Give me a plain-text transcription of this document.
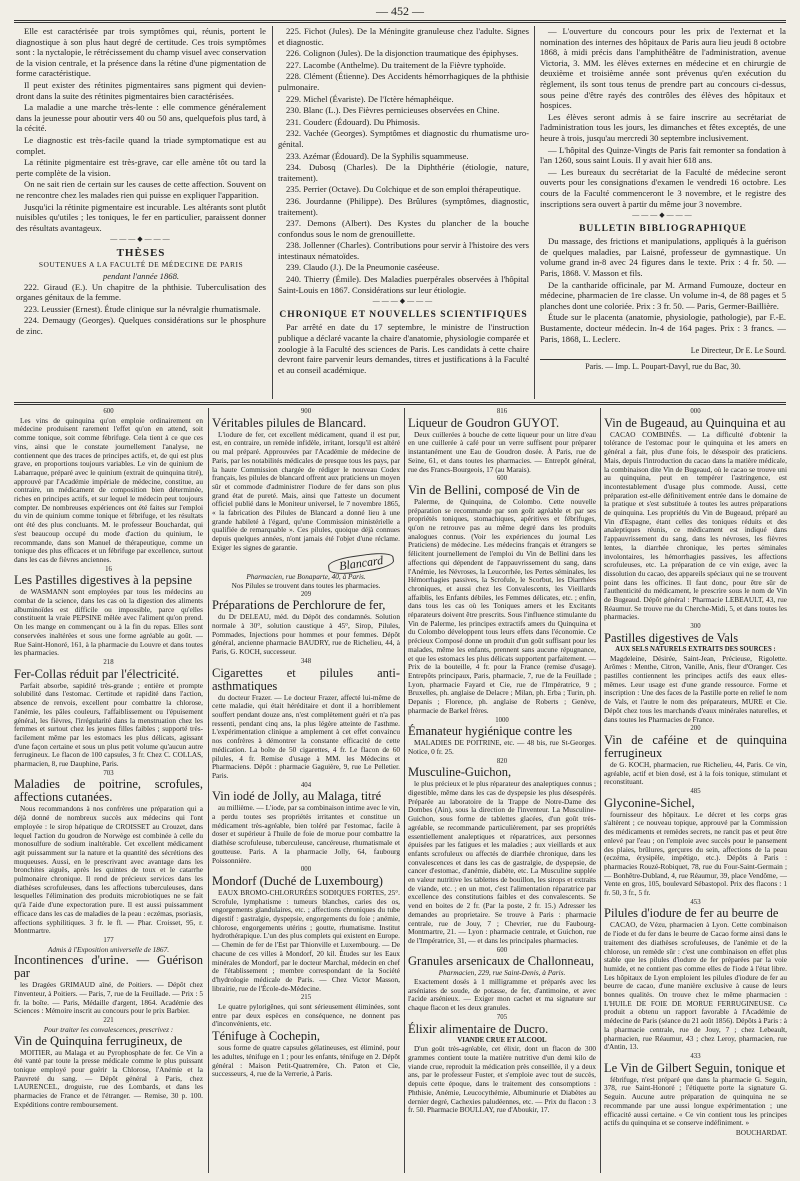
— 452 —

Elle est caractérisée par trois symptômes qui, réunis, portent le diagnostique à son plus haut degré de certitude. Ces trois symptômes sont : la nyctalopie, le rétrécissement du champ visuel avec conservation de la vision centrale, et la présence dans la rétine d'une pigmentation de forme caractéristique.

Il peut exister des rétinites pigmentaires sans pigment qui devien-dront dans la suite des rétinites pigmentaires bien caractérisées.

La maladie a une marche très-lente : elle commence généralement dans la jeunesse pour aboutir vers 40 ou 50 ans, quelquefois plus tard, à la cécité.

Le diagnostic est très-facile quand la triade symptomatique est au complet.

La rétinite pigmentaire est très-grave, car elle amène tôt ou tard la perte complète de la vision.

On ne sait rien de certain sur les causes de cette affection. Souvent on ne rencontre chez les malades rien qui puisse en expliquer l'apparition.

Jusqu'ici la rétinite pigmentaire est incurable. Les altérants sont plutôt nuisibles qu'utiles ; les toniques, le fer en particulier, paraissent donner des résultats avantageux.

———◆———
THÈSES
SOUTENUES A LA FACULTÉ DE MÉDECINE DE PARIS
pendant l'année 1868.

222. Giraud (E.). Un chapitre de la phthisie. Tuberculisation des organes génitaux de la femme.

223. Leussier (Ernest). Étude clinique sur la névralgie rhumatismale.

224. Demaugy (Georges). Quelques considérations sur le phosphure de zinc.

225. Fichot (Jules). De la Méningite granuleuse chez l'adulte. Signes et diagnostic.

226. Colignon (Jules). De la disjonction traumatique des épiphyses.

227. Lacombe (Anthelme). Du traitement de la Fièvre typhoïde.

228. Clément (Étienne). Des Accidents hémorrhagiques de la phthisie pulmonaire.

229. Michel (Évariste). De l'Ictère hémaphéique.

230. Blanc (L.). Des Fièvres pernicieuses observées en Chine.

231. Couderc (Édouard). Du Phimosis.

232. Vachée (Georges). Symptômes et diagnostic du rhumatisme uro-génital.

233. Azémar (Édouard). De la Syphilis squammeuse.

234. Dubosq (Charles). De la Diphthérie (étiologie, nature, traitement).

235. Perrier (Octave). Du Colchique et de son emploi thérapeutique.

236. Jourdanne (Philippe). Des Brûlures (symptômes, diagnostic, traitement).

237. Demons (Albert). Des Kystes du plancher de la bouche confondus sous le nom de grenouillette.

238. Jollenner (Charles). Contributions pour servir à l'histoire des vers intestinaux nématoïdes.

239. Claudo (J.). De la Pneumonie caséeuse.

240. Thierry (Émile). Des Maladies puerpérales observées à l'hôpital Saint-Louis en 1867. Considérations sur leur étiologie.

———◆———
CHRONIQUE ET NOUVELLES SCIENTIFIQUES

Par arrêté en date du 17 septembre, le ministre de l'instruction publique a déclaré vacante la chaire d'anatomie, physiologie comparée et zoologie à la Faculté des sciences de Paris. Les candidats à cette chaire devront faire parvenir leurs demandes, titres et justifications à la Faculté et au conseil académique.

— L'ouverture du concours pour les prix de l'externat et la nomination des internes des hôpitaux de Paris aura lieu jeudi 8 octobre 1868, à midi précis dans l'amphithéâtre de l'administration, avenue Victoria, 3. MM. les élèves externes en médecine et en chirurgie de deuxième et troisième année sont prévenus qu'en exécution du règlement, ils sont tous tenus de prendre part au concours ci-dessus, sous peine d'être rayés des contrôles des élèves des hôpitaux et hospices.

Les élèves seront admis à se faire inscrire au secrétariat de l'administration tous les jours, les dimanches et fêtes exceptés, de une heure à trois, jusqu'au mercredi 30 septembre inclusivement.

— L'hôpital des Quinze-Vingts de Paris fait remonter sa fondation à l'an 1260, sous saint Louis. Il y avait hier 618 ans.

— Les bureaux du secrétariat de la Faculté de médecine seront ouverts pour les consignations d'examen le vendredi 16 octobre. Les cours de la Faculté commenceront le 3 novembre, et le registre des inscriptions sera ouvert à partir du même jour 3 novembre.

———◆———
BULLETIN BIBLIOGRAPHIQUE

Du massage, des frictions et manipulations, appliqués à la guérison de quelques maladies, par Laisné, professeur de gymnastique. Un volume grand in-8 avec 24 figures dans le texte. Prix : 4 fr. 50. — Paris, 1868. V. Masson et fils.

De la cantharide officinale, par M. Armand Fumouze, docteur en médecine, pharmacien de 1re classe. Un volume in-4, de 88 pages et 5 planches dont une coloriée. Prix : 3 fr. 50. — Paris, Germer-Baillière.

Étude sur le placenta (anatomie, physiologie, pathologie), par F.-E. Bustamente, docteur médecin. In-4 de 164 pages. Prix : 3 francs. — Paris, 1868, L. Leclerc.

Le Directeur, Dr E. Le Sourd.
Paris. — Imp. L. Poupart-Davyl, rue du Bac, 30.
600

Les vins de quinquina qu'on emploie ordinairement en médecine produisent rarement l'effet qu'on en attend, soit comme tonique, soit comme fébrifuge. Cela tient à ce que ces vins, ainsi que le constate journellement l'analyse, ne contiennent que des traces de principes actifs, et, de qui est plus grave, en proportions toujours variables. Le vin de quinium de Labarraque, préparé avec le quinium (extrait de quinquina titré), approuvé par l'Académie impériale de médecine, constitue, au contraire, un médicament de composition bien déterminée, riches en principes actifs, et sur lequel le médecin peut toujours compter. De nombreuses expériences ont été faites sur l'emploi du vin de quinium comme tonique et fébrifuge, et les résultats ont été des plus concluants. M. le professeur Bouchardat, qui s'est beaucoup occupé du mode d'action du quinium, le recommande, dans son Manuel de thérapeutique, comme un tonique des plus efficaces et un fébrifuge par excellence, surtout dans les cas de fièvres anciennes.

16
Les Pastilles digestives à la pepsine

de WASMANN sont employées par tous les médecins au combat de la science, dans les cas où la digestion des aliments albuminoïdes est difficile ou impossible, parce qu'elles constituent la vraie PEPSINE mêlée avec l'aliment qu'on prend. On les mange en commençant ou à la fin du repas. Elles sont conservées inaltérées et sous une forme agréable au goût. — Rue Saint-Honoré, 161, à la pharmacie du Louvre et dans toutes les pharmacies.

218
Fer-Collas réduit par l'électricité.

Parfait absorbe, sapidité très-grande ; entière et prompte solubilité dans l'estomac. Certitude et rapidité dans l'action, absence de renvois, excellent pour combattre la chlorose, l'anémie, les pâles couleurs, l'affaiblissement ou l'épuisement général, les fièvres, l'irrégularité dans la menstruation chez les femmes et surtout chez les jeunes filles faibles ; supporté très-facilement même par les estomacs les plus délicats, agissant d'une façon certaine et sous un plus petit volume qu'aucun autre ferrugineux. Le flacon de 100 capsules, 3 fr. Chez C. COLLAS, pharmacien, 8, rue Dauphine, Paris.

703
Maladies de poitrine, scrofules, affections cutanées.

Nous recommandons à nos confrères une préparation qui a déjà donné de nombreux succès aux médecins qui l'ont employée : le sirop hépatique de CROISSET au Crouzet, dans lequel l'action du goudron de Norwège est combinée à celle du monosulfure de sodium inaltérable. Cet excellent médicament agit puissamment sur la nature et la quantité des sécrétions des muqueuses. Aussi, en le prescrivant avec avantage dans les bronchites aiguës, après les quintes de toux et le catarrhe pulmonaire chronique. Il rend de précieux services dans les diathèses scrofuleuses, dans les affections tuberculeuses, dans lesquelles l'élimination des produits microbiotiques ne se fait qu'à l'aide d'une expectoration pure. Il est aussi puissamment efficace dans les cas de maladies de la peau : eczémas, psoriasis, affections syphilitiques. 3 fr. le fl. — Phar. Croisset, 95, r. Montmartre.

177
Admis à l'Exposition universelle de 1867.
Incontinences d'urine. — Guérison par

les Dragées GRIMAUD aîné, de Poitiers. — Dépôt chez l'inventeur, à Poitiers. — Paris, 7, rue de la Feuillade. — Prix : 5 fr. la boîte. — Paris, Médaille d'argent, 1864. Académie des Sciences : Mémoire inscrit au concours pour le prix Barbier.

221
Pour traiter les convalescences, prescrivez :
Vin de Quinquina ferrugineux, de

MOITIER, au Malaga et au Pyrophosphate de fer. Ce Vin a été vanté par toute la presse médicale comme le plus puissant tonique employé pour guérir la Chlorose, l'Anémie et la Pauvreté du sang. — Dépôt général à Paris, chez LAURENCEL, droguiste, rue des Lombards, et dans les pharmacies de France et de l'étranger. — Remise, 30 p. 100. Expéditions contre remboursement.

900
Véritables pilules de Blancard.

L'iodure de fer, cet excellent médicament, quand il est pur, est, en contraire, un remède infidèle, irritant, lorsqu'il est altéré ou mal préparé. Approuvées par l'Académie de médecine de Paris, par les notabilités médicales de presque tous les pays, par la haute Commission chargée de rédiger le nouveau Codex français, les pilules de blancard offrent aux praticiens un moyen sûr et commode d'administrer l'iodure de fer dans son plus grand état de pureté. Mais, ainsi que l'atteste un document officiel publié dans le Moniteur universel, le 7 novembre 1865, « la fabrication des Pilules de Blancard a donné lieu à une grande habileté à l'égard, qu'une Commission ministérielle a qualifiée de remarquable ». Ces pilules, quoique déjà connues depuis quelques années, n'ont jamais été l'objet d'une réclame. Exiger les signes de garantie.

Blancard
Pharmacien, rue Bonaparte, 40, à Paris.
Nos Pilules se trouvent dans toutes les pharmacies.
209
Préparations de Perchlorure de fer,

du Dr DELEAU, méd. du Dépôt des condamnés. Solution normale à 30°, solution caustique à 45°, Sirop, Pilules, Pommades, Injections pour hommes et pour femmes. Dépôt général, ancienne pharmacie BAUDRY, rue de Richelieu, 44, à Paris, G. KOCH, successeur.

348
Cigarettes et pilules anti-asthmatiques

du docteur Frazer. — Le docteur Frazer, affecté lui-même de cette maladie, qui était héréditaire et dont il a horriblement souffert pendant douze ans, n'est complètement guéri et n'a pas ressenti, pendant cinq ans, la plus légère atteinte de l'asthme. L'expérimentation clinique a amplement à cet effet convaincu nos confrères à démontrer la constante efficacité de cette médication. La boîte de 50 cigarettes, 4 fr. Le flacon de 60 pilules, 4 fr. Remise d'usage à MM. les Médecins et Pharmaciens. Dépôt : pharmacie Gaguière, 9, rue Le Pelletier. Paris.

404
Vin iodé de Jolly, au Malaga, titré

au millième. — L'iode, par sa combinaison intime avec le vin, a perdu toutes ses propriétés irritantes et constitue un médicament très-agréable, bien toléré par l'estomac, facile à doser et supérieur à l'huile de foie de morue pour combattre la diathèse scrofuleuse, tuberculeuse, cancéreuse, rhumatismale et goutteuse. Paris. A la pharmacie Jolly, 64, faubourg Poissonnière.

000
Mondorf (Duché de Luxembourg)

EAUX BROMO-CHLORURÉES SODIQUES FORTES, 25°. Scrofule, lymphatisme : tumeurs blanches, caries des os, engorgements glandulaires, etc. ; affections chroniques du tube digestif : gastralgie, dyspepsie, engorgements du foie ; anémie, chlorose, engorgements utérins ; goutte, rhumatisme. Institut hydrothérapique. L'un des plus complets qui existent en Europe. — Chemin de fer de l'Est par Thionville et Luxembourg. — De chacune de ces villes à Mondorf, 20 kil. Études sur les Eaux minérales de Mondorf, par le docteur Marchal, médecin en chef de l'établissement ; membre correspondant de la Société d'hydrologie médicale de Paris. — Chez Victor Masson, librairie, rue de l'École-de-Médecine.

215

Le quatre pylorigênes, qui sont sérieusement éliminées, sont entre par deux espèces en conséquence, ne donnent pas d'inconvénients, etc.

Ténifuge à Cochepin,

sous forme de quatre capsules gélatineuses, est éliminé, pour les adultes, ténifuge en 1 ; pour les enfants, ténifuge en 2. Dépôt général : Maison Petit-Quatremère, Ch. Paton et Cie, successeurs, 4, rue de la Verrerie, à Paris.

816
Liqueur de Goudron GUYOT.

Deux cuillerées à bouche de cette liqueur pour un litre d'eau en une cuillerée à café pour un verre suffisent pour préparer instantanément une Eau de Goudron dosée. À Paris, rue de Seine, 61, et dans toutes les pharmacies. — Entrepôt général, rue des Francs-Bourgeois, 17 (au Marais).

600
Vin de Bellini, composé de Vin de

Palerme, de Quinquina, de Colombo. Cette nouvelle préparation se recommande par son goût agréable et par ses propriétés toniques, stomachiques, apéritives et fébrifuges, qu'on ne retrouve pas au même degré dans les produits analogues connus. (Voir les expériences du journal Les Praticiens) de médecine. Les médecins français et étrangers se félicitent journellement de l'emploi du Vin de Bellini dans les affections qui dépendent de l'appauvrissement du sang, dans l'Anémie, les Névroses, la Leucorrhée, les Pertes séminales, les Hémorrhagies passives, la Scrofule, le Scorbut, les Diarrhées chroniques, et aussi chez les Convalescents, les Vieillards affaiblis, les Enfants débiles, les Femmes délicates, etc. ; enfin, dans tous les cas où les Toniques amers et les Excitants réparateurs doivent être prescrits. Sous l'influence stimulante du Vin de Palerme, les principes extractifs amers du Quinquina et du Colombo développent tous leurs effets dans l'économie. Ce précieux Composé donne un produit d'un goût suffisant pour les malades, même les enfants, prennent sans aucune répugnance, et que les estomacs les plus délicats supportent parfaitement. — Prix de la bouteille, 4 fr. pour la France (remise d'usage). Entrepôts principaux, Paris, pharmacie, 7, rue de la Feuillade ; Lyon, pharmacie Fayard et Cie, rue de l'Impératrice, 9 ; Bruxelles, ph. anglaise de Delacre ; Milan, ph. Erba ; Turin, ph. Depanis ; Florence, ph. anglaise de Roberts ; Genève, pharmacie de Barkel frères.

1000
Émanateur hygiénique contre les

MALADIES DE POITRINE, etc. — 48 bis, rue St-Georges. Notice, 0 fr. 25.

820
Musculine-Guichon,

le plus précieux et le plus réparateur des analeptiques connus ; digestible, même dans les cas de dyspepsie les plus désespérés. Préparée au laboratoire de la Trappe de Notre-Dame des Dombes (Ain), sous la direction de l'inventeur. La Musculine-Guichon, sous forme de tablettes glacées, d'un goût très-agréable, se recommande particulièrement, par ses propriétés essentiellement analeptiques et réparatrices, aux personnes épuisées par les fatigues et les maladies ; aux vieillards et aux enfants scrofuleux ou affectés de diarrhée chronique, dans les convalescences et dans les cas de gastralgie, de dyspepsie, de cancer d'estomac, d'anémie, diabète, etc. La Musculine supplée en valeur nutritive les tablettes de bouillon, les sirops et extraits de viande, etc. ; en un mot, c'est l'alimentation réparatrice par excellence des constitutions faibles et des convalescents. Se vend en boites de 2 fr. (Par la poste, 2 fr. 15.) Adresser les demandes au proprietaire. Se trouve à Paris : pharmacie centrale, rue de Jouy, 7 ; Chevrier, rue du Faubourg-Montmartre, 21. — Lyon : pharmacie centrale, et Guichon, rue de l'Impératrice, 31, — et dans les principales pharmacies.

600
Granules arsenicaux de Challonneau,
Pharmacien, 229, rue Saint-Denis, à Paris.

Exactement dosés à 1 milligramme et préparés avec les arséniates de soude, de potasse, de fer, d'antimoine, et avec l'acide arsénieux. — Exiger mon cachet et ma signature sur chaque flacon et les deux granules.

705
Élixir alimentaire de Ducro.
VIANDE CRUE ET ALCOOL

D'un goût très-agréable, cet élixir, dont un flacon de 300 grammes contient toute la matière nutritive d'un demi kilo de viande crue, reproduit la médication près conseillée, il y a deux ans, par le professeur Fuster, et s'emploie avec tout de succès, depuis cette époque, dans le traitement des consomptions : Phthisie, Anémie, Leucocythémie, Albuminurie et Diabètes au dernier degré, Cachexies paludéennes, etc. — Prix du flacon : 3 fr. 50. Pharmacie BOULLAY, rue d'Aboukir, 17.

000
Vin de Bugeaud, au Quinquina et au

CACAO COMBINÉS. — La difficulté d'obtenir la tolérance de l'estomac pour le quinquina et les amers en général a fait, plus d'une fois, le désespoir des praticiens. Mais, depuis l'introduction du cacao dans la matière médicale, la combinaison dite Vin de Bugeaud, où le cacao se trouve uni au quinquina, peut en tempérer l'astringence, est incontestablement d'usage plus commode. Aussi, cette préparation est-elle définitivement entrée dans le domaine de la pratique et s'est substituée à toutes les autres préparations de quinquina. Les propriétés du Vin de Bugeaud, préparé au Vin d'Espagne, étant celles des toniques réduits et des analeptiques réunis, ce médicament est indiqué dans l'appauvrissement du sang, dans les névroses, les fièvres lentes, la diarrhée chronique, les pertes séminales involontaires, les hémorrhagies passives, les affections scrofuleuses, etc. La préparation de ce vin exige, avec la dissolution du cacao, des appareils spéciaux qui ne se trouvent point dans les officines. Il faut donc, pour être sûr de l'authenticité du médicament, le prescrire sous le nom de Vin de Bugeaud. Dépôt général : Pharmacie LEBEAULT, 43, rue Réaumur. Se trouve rue du Cherche-Midi, 5, et dans toutes les pharmacies.

300
Pastilles digestives de Vals
AUX SELS NATURELS EXTRAITS DES SOURCES :

Magdeleine, Désirée, Saint-Jean, Précieuse, Rigolette. Arômes : Menthe, Citron, Vanille, Anis, fleur d'Oranger. Ces pastilles contiennent les principes actifs des eaux elles-mêmes. Leur usage est d'une grande ressource. Forme et inscription : Une des faces de la Pastille porte en relief le nom de Vals, et l'autre le nom des préparateurs, MURE et Cie. Dépôt chez tous les marchands d'eaux minérales naturelles, et dans toutes les Pharmacies de France.

200
Vin de caféine et de quinquina ferrugineux

de G. KOCH, pharmacien, rue Richelieu, 44, Paris. Ce vin, agréable, actif et bien dosé, est à la fois tonique, stimulant et reconstituant.

485
Glyconine-Sichel,

fournisseur des hôpitaux. Le décret et les corps gras s'altèrent ; ce nouveau topique, approuvé par la Commission des médicaments et remèdes secrets, ne rancit pas et peut être enlevé par l'eau ; on l'emploie avec succès pour le pansement des plaies, brûlures, gerçures du sein, affections de la peau (eczéma, érysipèle, impétigo, etc.). Dépôts à Paris : pharmacies Rouzé-Robiquet, 78, rue du Four-Saint-Germain ; — Bonhêtre-Dubland, 4, rue Réaumur, 39, place Vendôme, — Vente en gros, 105, boulevard Sébastopol. Prix des flacons : 1 fr. 50, 3 fr., 5 fr.

453
Pilules d'iodure de fer au beurre de

CACAO, de Vézu, pharmacien à Lyon. Cette combinaison de l'iode et du fer dans le beurre de Cacao forme ainsi dans le traitement des diathèses scrofuleuses, de l'anémie et de la chlorose, un remède sûr : c'est une combinaison en effet plus stable que les pilules d'iodure de fer préparées par la voie humide, et ne contient pas comme elles de l'iode à l'état libre. Les hôpitaux de Lyon emploient les pilules d'iodure de fer au beurre de cacao, d'une manière exclusive à cause de leurs bonnes qualités. On trouve chez le même pharmacien : L'HUILE DE FOIE DE MORUE FERRUGINEUSE. Ce produit a obtenu un rapport favorable à l'Académie de médecine de Paris (séance du 21 août 1856). Dépôts à Paris : à la pharmacie centrale, rue de Jouy, 7 ; chez Lebeault, pharmacien, rue Réaumur, 43 ; chez Leroy, pharmacien, rue d'Antin, 13.

433
Le Vin de Gilbert Seguin, tonique et

fébrifuge, n'est préparé que dans la pharmacie G. Seguin, 378, rue Saint-Honoré ; l'étiquette porte la signature G. Seguin. Aucune autre préparation de quinquina ne se recommande par une aussi longue expérimentation ; une efficacité aussi certaine. « Ce vin contient tous les principes actifs du quinquina et se conserve indéfiniment. »

BOUCHARDAT.
